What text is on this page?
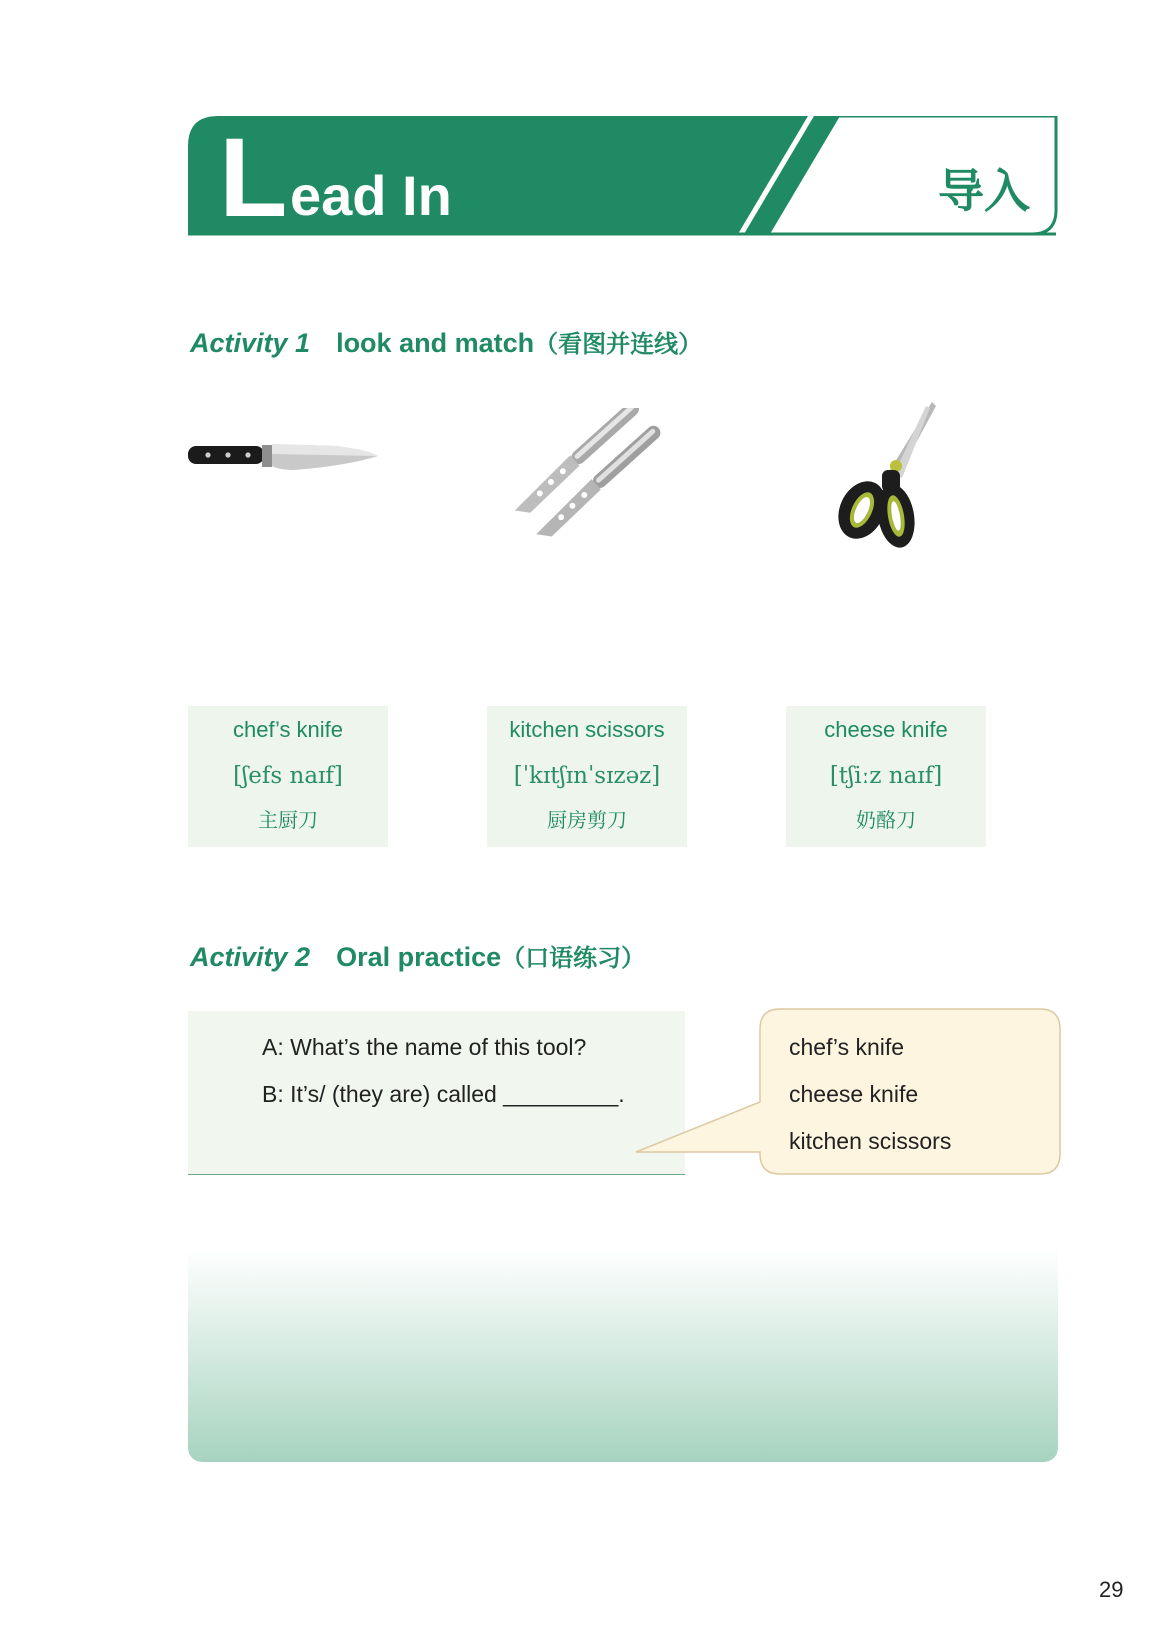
L ead In	导入
Activity 1 look and match（看图并连线）
chef’s knife
[ʃefs naɪf]
主厨刀
kitchen scissors
[ˈkɪtʃɪnˈsɪzəz]
厨房剪刀
cheese knife
[tʃiːz naɪf]
奶酪刀
Activity 2 Oral practice（口语练习）
A: What’s the name of this tool?
B: It’s/ (they are) called _________.
chef’s knife
cheese knife
kitchen scissors
29
